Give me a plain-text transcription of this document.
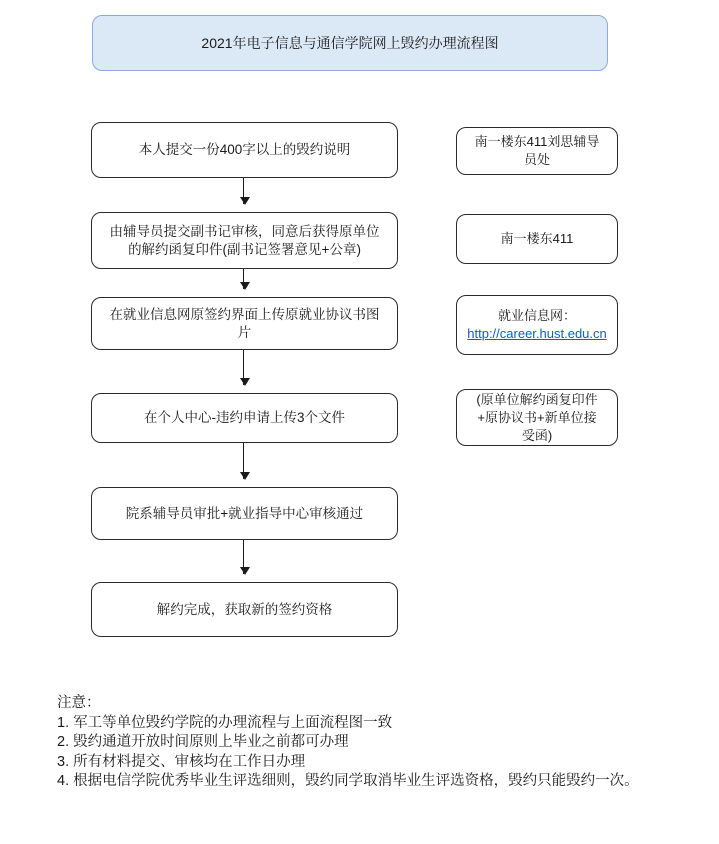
2021年电子信息与通信学院网上毁约办理流程图
本人提交一份400字以上的毁约说明
由辅导员提交副书记审核，同意后获得原单位的解约函复印件(副书记签署意见+公章)
在就业信息网原签约界面上传原就业协议书图片
在个人中心-违约申请上传3个文件
院系辅导员审批+就业指导中心审核通过
解约完成，获取新的签约资格
南一楼东411刘思辅导员处
南一楼东411
就业信息网：
http://career.hust.edu.cn
(原单位解约函复印件+原协议书+新单位接受函)
注意：
1. 军工等单位毁约学院的办理流程与上面流程图一致
2. 毁约通道开放时间原则上毕业之前都可办理
3. 所有材料提交、审核均在工作日办理
4. 根据电信学院优秀毕业生评选细则，毁约同学取消毕业生评选资格，毁约只能毁约一次。
